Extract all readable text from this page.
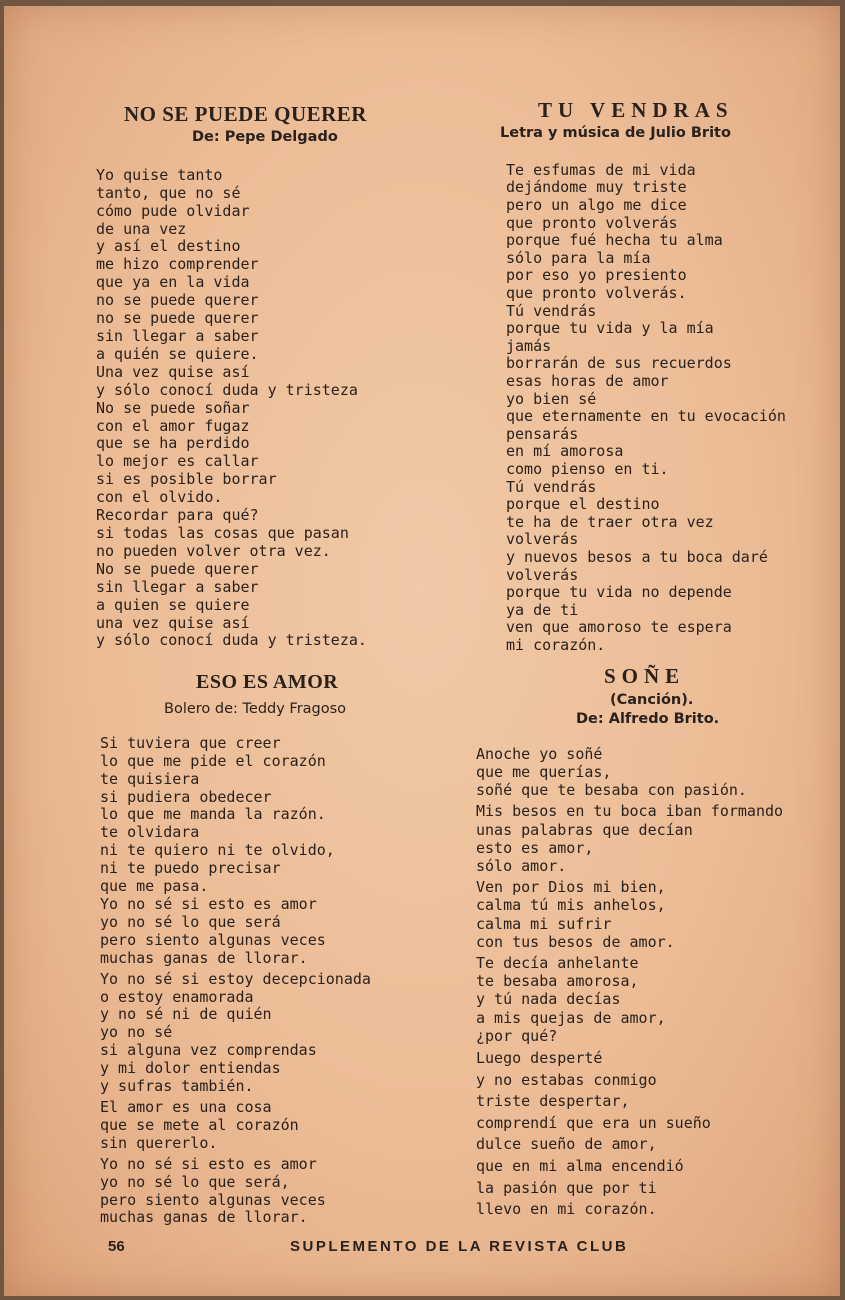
NO SE PUEDE QUERER

De: Pepe Delgado

Yo quise tanto
tanto, que no sé
cómo pude olvidar
de una vez
y así el destino
me hizo comprender
que ya en la vida
no se puede querer
no se puede querer
sin llegar a saber
a quién se quiere.
Una vez quise así
y sólo conocí duda y tristeza
No se puede soñar
con el amor fugaz
que se ha perdido
lo mejor es callar
si es posible borrar
con el olvido.
Recordar para qué?
si todas las cosas que pasan
no pueden volver otra vez.
No se puede querer
sin llegar a saber
a quien se quiere
una vez quise así
y sólo conocí duda y tristeza.
ESO ES AMOR

Bolero de: Teddy Fragoso

Si tuviera que creer
lo que me pide el corazón
te quisiera
si pudiera obedecer
lo que me manda la razón.
te olvidara
ni te quiero ni te olvido,
ni te puedo precisar
que me pasa.
Yo no sé si esto es amor
yo no sé lo que será
pero siento algunas veces
muchas ganas de llorar.
Yo no sé si estoy decepcionada
o estoy enamorada
y no sé ni de quién
yo no sé
si alguna vez comprendas
y mi dolor entiendas
y sufras también.
El amor es una cosa
que se mete al corazón
sin quererlo.
Yo no sé si esto es amor
yo no sé lo que será,
pero siento algunas veces
muchas ganas de llorar.
TU VENDRAS

Letra y música de Julio Brito

Te esfumas de mi vida
dejándome muy triste
pero un algo me dice
que pronto volverás
porque fué hecha tu alma
sólo para la mía
por eso yo presiento
que pronto volverás.
Tú vendrás
porque tu vida y la mía
jamás
borrarán de sus recuerdos
esas horas de amor
yo bien sé
que eternamente en tu evocación
pensarás
en mí amorosa
como pienso en ti.
Tú vendrás
porque el destino
te ha de traer otra vez
volverás
y nuevos besos a tu boca daré
volverás
porque tu vida no depende
ya de ti
ven que amoroso te espera
mi corazón.
SOÑE

(Canción).

De: Alfredo Brito.

Anoche yo soñé
que me querías,
soñé que te besaba con pasión.
Mis besos en tu boca iban formando
unas palabras que decían
esto es amor,
sólo amor.
Ven por Dios mi bien,
calma tú mis anhelos,
calma mi sufrir
con tus besos de amor.
Te decía anhelante
te besaba amorosa,
y tú nada decías
a mis quejas de amor,
¿por qué?
Luego desperté
y no estabas conmigo
triste despertar,
comprendí que era un sueño
dulce sueño de amor,
que en mi alma encendió
la pasión que por ti
llevo en mi corazón.
56	SUPLEMENTO DE LA REVISTA CLUB
